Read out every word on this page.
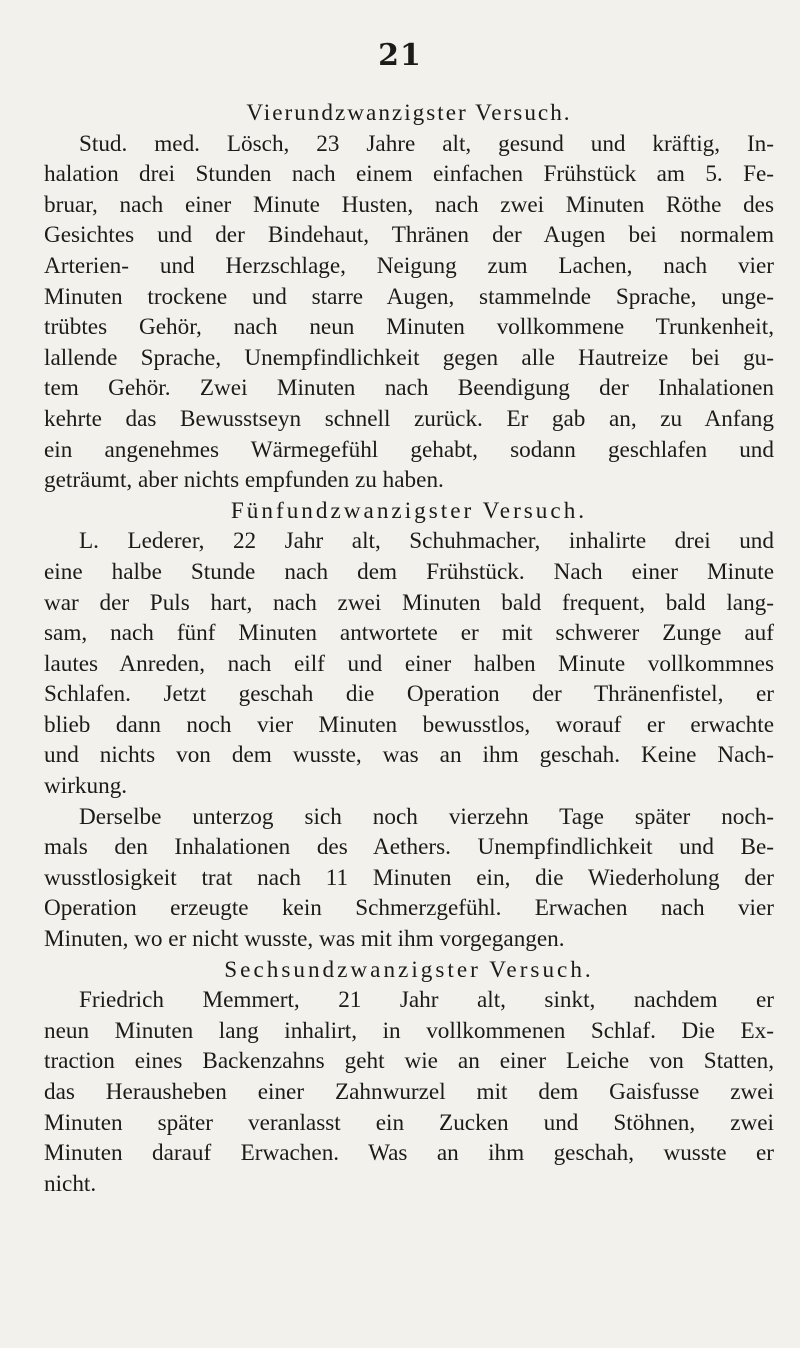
21
Vierundzwanzigster Versuch.
Stud. med. Lösch, 23 Jahre alt, gesund und kräftig, In-
halation drei Stunden nach einem einfachen Frühstück am 5. Fe-
bruar, nach einer Minute Husten, nach zwei Minuten Röthe des
Gesichtes und der Bindehaut, Thränen der Augen bei normalem
Arterien- und Herzschlage, Neigung zum Lachen, nach vier
Minuten trockene und starre Augen, stammelnde Sprache, unge-
trübtes Gehör, nach neun Minuten vollkommene Trunkenheit,
lallende Sprache, Unempfindlichkeit gegen alle Hautreize bei gu-
tem Gehör. Zwei Minuten nach Beendigung der Inhalationen
kehrte das Bewusstseyn schnell zurück. Er gab an, zu Anfang
ein angenehmes Wärmegefühl gehabt, sodann geschlafen und
geträumt, aber nichts empfunden zu haben.
Fünfundzwanzigster Versuch.
L. Lederer, 22 Jahr alt, Schuhmacher, inhalirte drei und
eine halbe Stunde nach dem Frühstück. Nach einer Minute
war der Puls hart, nach zwei Minuten bald frequent, bald lang-
sam, nach fünf Minuten antwortete er mit schwerer Zunge auf
lautes Anreden, nach eilf und einer halben Minute vollkommnes
Schlafen. Jetzt geschah die Operation der Thränenfistel, er
blieb dann noch vier Minuten bewusstlos, worauf er erwachte
und nichts von dem wusste, was an ihm geschah. Keine Nach-
wirkung.
Derselbe unterzog sich noch vierzehn Tage später noch-
mals den Inhalationen des Aethers. Unempfindlichkeit und Be-
wusstlosigkeit trat nach 11 Minuten ein, die Wiederholung der
Operation erzeugte kein Schmerzgefühl. Erwachen nach vier
Minuten, wo er nicht wusste, was mit ihm vorgegangen.
Sechsundzwanzigster Versuch.
Friedrich Memmert, 21 Jahr alt, sinkt, nachdem er
neun Minuten lang inhalirt, in vollkommenen Schlaf. Die Ex-
traction eines Backenzahns geht wie an einer Leiche von Statten,
das Herausheben einer Zahnwurzel mit dem Gaisfusse zwei
Minuten später veranlasst ein Zucken und Stöhnen, zwei
Minuten darauf Erwachen. Was an ihm geschah, wusste er
nicht.
